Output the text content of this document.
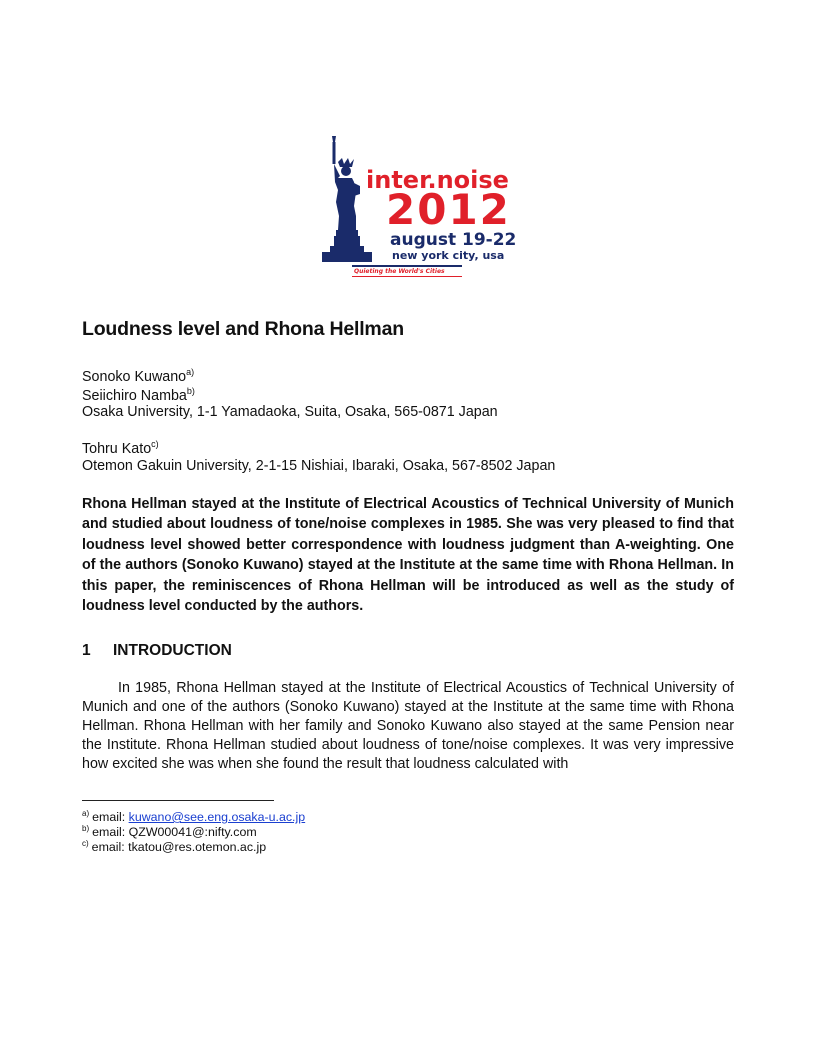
inter.noise
2012
august 19-22
new york city, usa
Quieting the World's Cities
Loudness level and Rhona Hellman
Sonoko Kuwano$^{a)}$
Seiichiro Namba$^{b)}$
Osaka University, 1-1 Yamadaoka, Suita, Osaka, 565-0871 Japan
Tohru Kato$^{c)}$
Otemon Gakuin University, 2-1-15 Nishiai, Ibaraki, Osaka, 567-8502 Japan
Rhona Hellman stayed at the Institute of Electrical Acoustics of Technical University of Munich and studied about loudness of tone/noise complexes in 1985. She was very pleased to find that loudness level showed better correspondence with loudness judgment than A-weighting. One of the authors (Sonoko Kuwano) stayed at the Institute at the same time with Rhona Hellman. In this paper, the reminiscences of Rhona Hellman will be introduced as well as the study of loudness level conducted by the authors.
1 INTRODUCTION
In 1985, Rhona Hellman stayed at the Institute of Electrical Acoustics of Technical University of Munich and one of the authors (Sonoko Kuwano) stayed at the Institute at the same time with Rhona Hellman. Rhona Hellman with her family and Sonoko Kuwano also stayed at the same Pension near the Institute. Rhona Hellman studied about loudness of tone/noise complexes. It was very impressive how excited she was when she found the result that loudness calculated with
$^{a)}$ email: kuwano@see.eng.osaka-u.ac.jp
$^{b)}$ email: QZW00041@:nifty.com
$^{c)}$ email: tkatou@res.otemon.ac.jp
